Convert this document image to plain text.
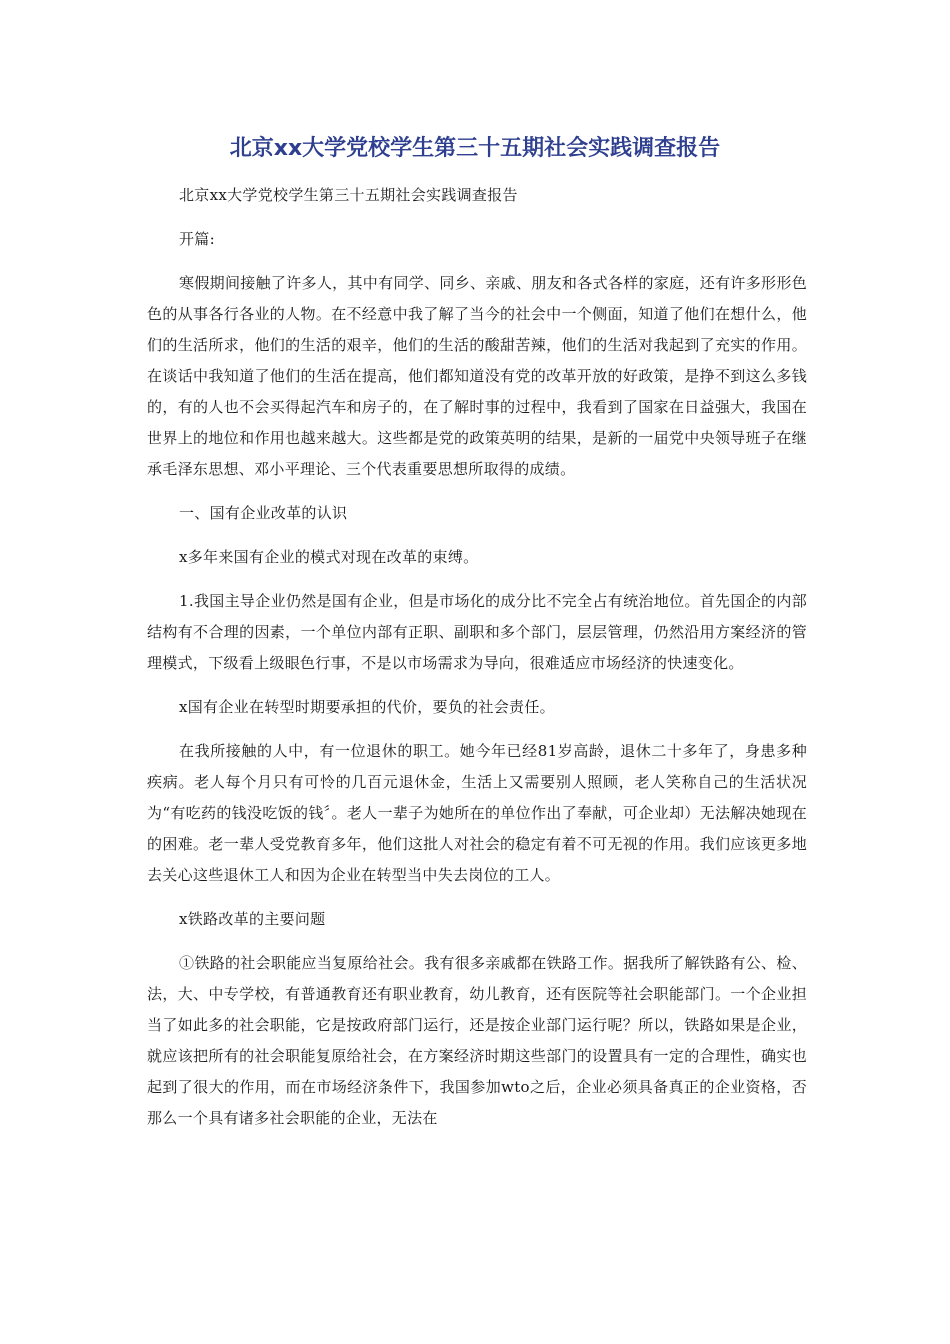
北京xx大学党校学生第三十五期社会实践调查报告

北京xx大学党校学生第三十五期社会实践调查报告

开篇:

寒假期间接触了许多人，其中有同学、同乡、亲戚、朋友和各式各样的家庭，还有许多形形色色的从事各行各业的人物。在不经意中我了解了当今的社会中一个侧面，知道了他们在想什么，他们的生活所求，他们的生活的艰辛，他们的生活的酸甜苦辣，他们的生活对我起到了充实的作用。在谈话中我知道了他们的生活在提高，他们都知道没有党的改革开放的好政策，是挣不到这么多钱的，有的人也不会买得起汽车和房子的，在了解时事的过程中，我看到了国家在日益强大，我国在世界上的地位和作用也越来越大。这些都是党的政策英明的结果，是新的一届党中央领导班子在继承毛泽东思想、邓小平理论、三个代表重要思想所取得的成绩。

一、国有企业改革的认识

x多年来国有企业的模式对现在改革的束缚。

1.我国主导企业仍然是国有企业，但是市场化的成分比不完全占有统治地位。首先国企的内部结构有不合理的因素，一个单位内部有正职、副职和多个部门，层层管理，仍然沿用方案经济的管理模式，下级看上级眼色行事，不是以市场需求为导向，很难适应市场经济的快速变化。

x国有企业在转型时期要承担的代价，要负的社会责任。

在我所接触的人中，有一位退休的职工。她今年已经81岁高龄，退休二十多年了，身患多种疾病。老人每个月只有可怜的几百元退休金，生活上又需要别人照顾，老人笑称自己的生活状况为“有吃药的钱没吃饭的钱〞。老人一辈子为她所在的单位作出了奉献，可企业却）无法解决她现在的困难。老一辈人受党教育多年，他们这批人对社会的稳定有着不可无视的作用。我们应该更多地去关心这些退休工人和因为企业在转型当中失去岗位的工人。

x铁路改革的主要问题

①铁路的社会职能应当复原给社会。我有很多亲戚都在铁路工作。据我所了解铁路有公、检、法，大、中专学校，有普通教育还有职业教育，幼儿教育，还有医院等社会职能部门。一个企业担当了如此多的社会职能，它是按政府部门运行，还是按企业部门运行呢？所以，铁路如果是企业，就应该把所有的社会职能复原给社会，在方案经济时期这些部门的设置具有一定的合理性，确实也起到了很大的作用，而在市场经济条件下，我国参加wto之后，企业必须具备真正的企业资格，否那么一个具有诸多社会职能的企业，无法在
